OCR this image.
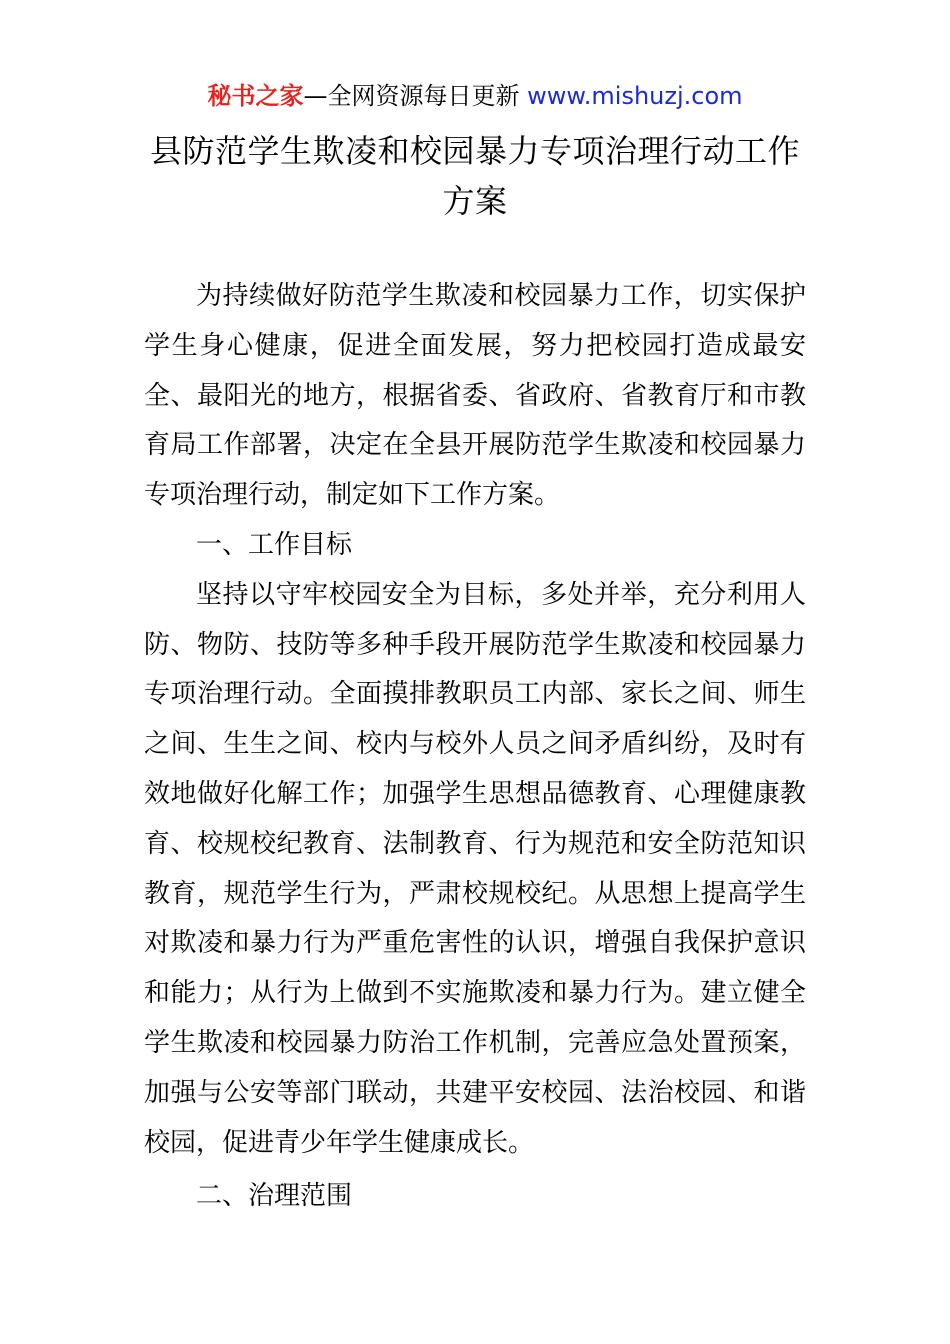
秘书之家—全网资源每日更新 www.mishuzj.com
县防范学生欺凌和校园暴力专项治理行动工作方案

为持续做好防范学生欺凌和校园暴力工作，切实保护学生身心健康，促进全面发展，努力把校园打造成最安全、最阳光的地方，根据省委、省政府、省教育厅和市教育局工作部署，决定在全县开展防范学生欺凌和校园暴力专项治理行动，制定如下工作方案。

一、工作目标

坚持以守牢校园安全为目标，多处并举，充分利用人防、物防、技防等多种手段开展防范学生欺凌和校园暴力专项治理行动。全面摸排教职员工内部、家长之间、师生之间、生生之间、校内与校外人员之间矛盾纠纷，及时有效地做好化解工作；加强学生思想品德教育、心理健康教育、校规校纪教育、法制教育、行为规范和安全防范知识教育，规范学生行为，严肃校规校纪。从思想上提高学生对欺凌和暴力行为严重危害性的认识，增强自我保护意识和能力；从行为上做到不实施欺凌和暴力行为。建立健全学生欺凌和校园暴力防治工作机制，完善应急处置预案，加强与公安等部门联动，共建平安校园、法治校园、和谐校园，促进青少年学生健康成长。

二、治理范围
